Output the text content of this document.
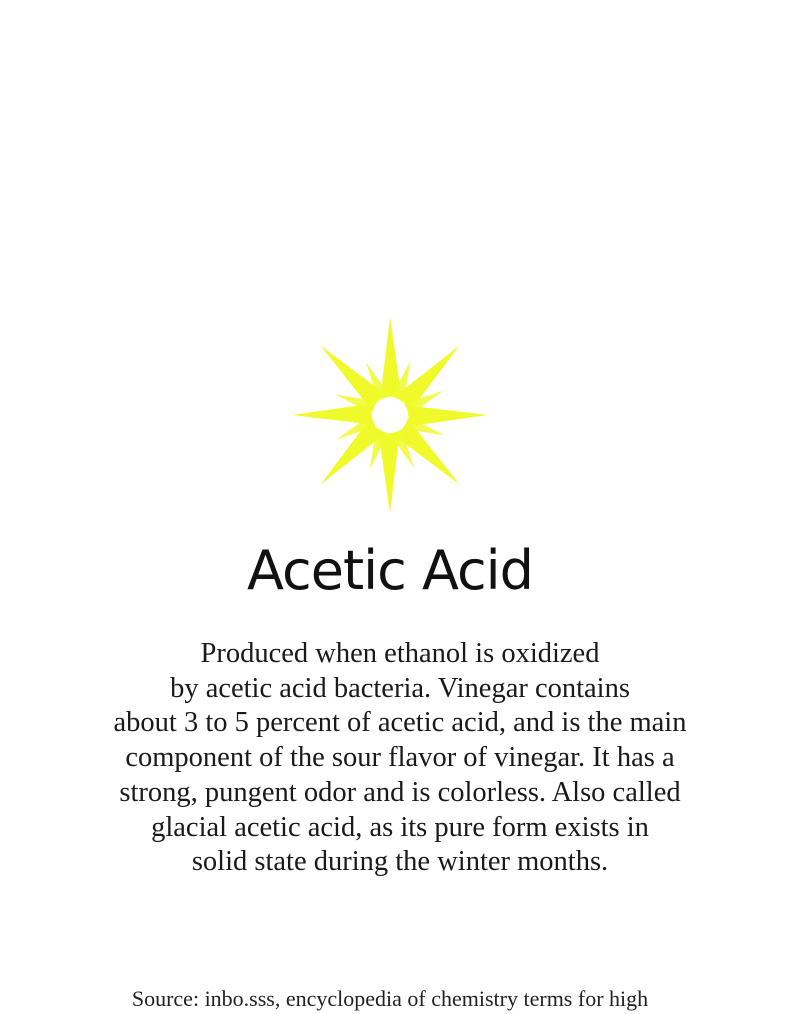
Acetic Acid
Produced when ethanol is oxidized
by acetic acid bacteria. Vinegar contains
about 3 to 5 percent of acetic acid, and is the main
component of the sour flavor of vinegar. It has a
strong, pungent odor and is colorless. Also called
glacial acetic acid, as its pure form exists in
solid state during the winter months.
Source: inbo.sss, encyclopedia of chemistry terms for high
